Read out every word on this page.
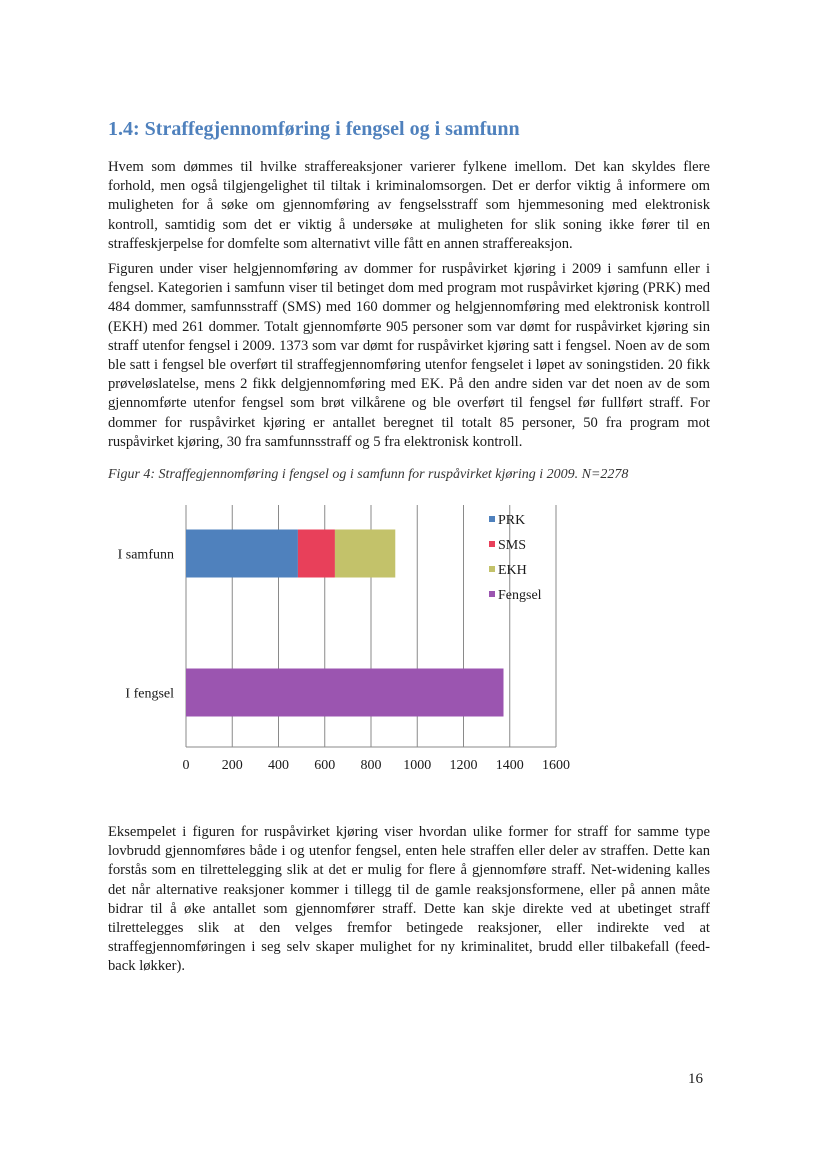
1.4: Straffegjennomføring i fengsel og i samfunn

Hvem som dømmes til hvilke straffereaksjoner varierer fylkene imellom. Det kan skyldes flere forhold, men også tilgjengelighet til tiltak i kriminalomsorgen. Det er derfor viktig å informere om muligheten for å søke om gjennomføring av fengselsstraff som hjemmesoning med elektronisk kontroll, samtidig som det er viktig å undersøke at muligheten for slik soning ikke fører til en straffeskjerpelse for domfelte som alternativt ville fått en annen straffereaksjon.

Figuren under viser helgjennomføring av dommer for ruspåvirket kjøring i 2009 i samfunn eller i fengsel. Kategorien i samfunn viser til betinget dom med program mot ruspåvirket kjøring (PRK) med 484 dommer, samfunnsstraff (SMS) med 160 dommer og helgjennomføring med elektronisk kontroll (EKH) med 261 dommer. Totalt gjennomførte 905 personer som var dømt for ruspåvirket kjøring sin straff utenfor fengsel i 2009. 1373 som var dømt for ruspåvirket kjøring satt i fengsel. Noen av de som ble satt i fengsel ble overført til straffegjennomføring utenfor fengselet i løpet av soningstiden. 20 fikk prøveløslatelse, mens 2 fikk delgjennomføring med EK. På den andre siden var det noen av de som gjennomførte utenfor fengsel som brøt vilkårene og ble overført til fengsel før fullført straff. For dommer for ruspåvirket kjøring er antallet beregnet til totalt 85 personer, 50 fra program mot ruspåvirket kjøring, 30 fra samfunnsstraff og 5 fra elektronisk kontroll.

Figur 4: Straffegjennomføring i fengsel og i samfunn for ruspåvirket kjøring i 2009. N=2278

0 200 400 600 800 1000 1200 1400 1600
I samfunn
I fengsel
PRK
SMS
EKH
Fengsel

Eksempelet i figuren for ruspåvirket kjøring viser hvordan ulike former for straff for samme type lovbrudd gjennomføres både i og utenfor fengsel, enten hele straffen eller deler av straffen. Dette kan forstås som en tilrettelegging slik at det er mulig for flere å gjennomføre straff. Net-widening kalles det når alternative reaksjoner kommer i tillegg til de gamle reaksjonsformene, eller på annen måte bidrar til å øke antallet som gjennomfører straff. Dette kan skje direkte ved at ubetinget straff tilrettelegges slik at den velges fremfor betingede reaksjoner, eller indirekte ved at straffegjennomføringen i seg selv skaper mulighet for ny kriminalitet, brudd eller tilbakefall (feed-back løkker).

16
